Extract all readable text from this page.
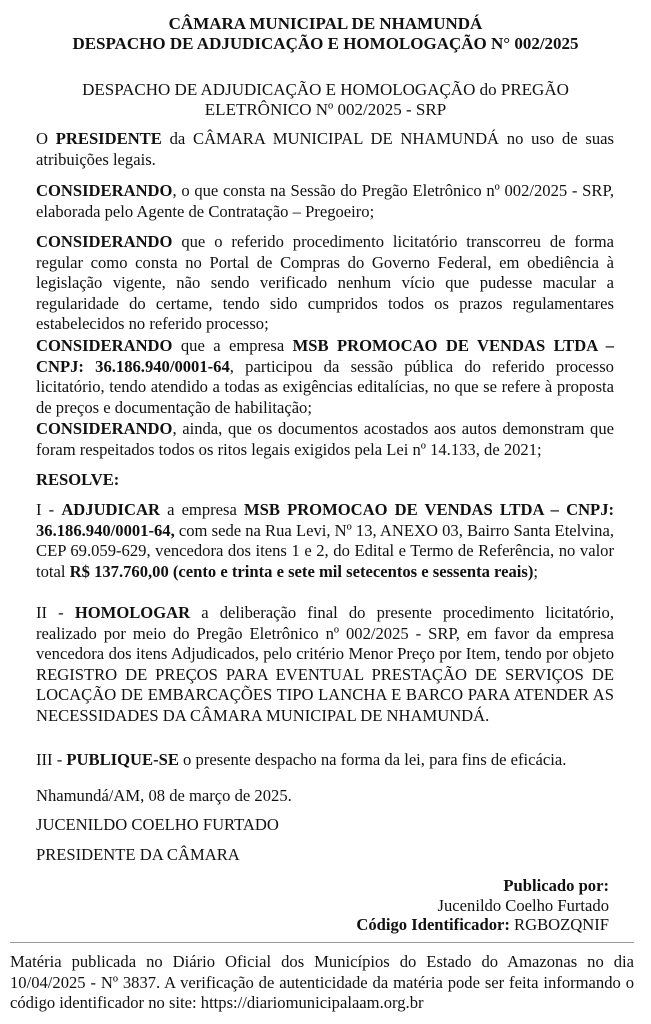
CÂMARA MUNICIPAL DE NHAMUNDÁ
DESPACHO DE ADJUDICAÇÃO E HOMOLOGAÇÃO N° 002/2025
DESPACHO DE ADJUDICAÇÃO E HOMOLOGAÇÃO do PREGÃO
ELETRÔNICO Nº 002/2025 - SRP
O PRESIDENTE da CÂMARA MUNICIPAL DE NHAMUNDÁ no uso de suas atribuições legais.
CONSIDERANDO, o que consta na Sessão do Pregão Eletrônico nº 002/2025 - SRP, elaborada pelo Agente de Contratação – Pregoeiro;
CONSIDERANDO que o referido procedimento licitatório transcorreu de forma regular como consta no Portal de Compras do Governo Federal, em obediência à legislação vigente, não sendo verificado nenhum vício que pudesse macular a regularidade do certame, tendo sido cumpridos todos os prazos regulamentares estabelecidos no referido processo;
CONSIDERANDO que a empresa MSB PROMOCAO DE VENDAS LTDA – CNPJ: 36.186.940/0001-64, participou da sessão pública do referido processo licitatório, tendo atendido a todas as exigências editalícias, no que se refere à proposta de preços e documentação de habilitação;
CONSIDERANDO, ainda, que os documentos acostados aos autos demonstram que foram respeitados todos os ritos legais exigidos pela Lei nº 14.133, de 2021;
RESOLVE:
I - ADJUDICAR a empresa MSB PROMOCAO DE VENDAS LTDA – CNPJ: 36.186.940/0001-64, com sede na Rua Levi, Nº 13, ANEXO 03, Bairro Santa Etelvina, CEP 69.059-629, vencedora dos itens 1 e 2, do Edital e Termo de Referência, no valor total R$ 137.760,00 (cento e trinta e sete mil setecentos e sessenta reais);
II - HOMOLOGAR a deliberação final do presente procedimento licitatório, realizado por meio do Pregão Eletrônico nº 002/2025 - SRP, em favor da empresa vencedora dos itens Adjudicados, pelo critério Menor Preço por Item, tendo por objeto REGISTRO DE PREÇOS PARA EVENTUAL PRESTAÇÃO DE SERVIÇOS DE LOCAÇÃO DE EMBARCAÇÕES TIPO LANCHA E BARCO PARA ATENDER AS NECESSIDADES DA CÂMARA MUNICIPAL DE NHAMUNDÁ.
III - PUBLIQUE-SE o presente despacho na forma da lei, para fins de eficácia.
Nhamundá/AM, 08 de março de 2025.
JUCENILDO COELHO FURTADO
PRESIDENTE DA CÂMARA
Publicado por:
Jucenildo Coelho Furtado
Código Identificador: RGBOZQNIF
Matéria publicada no Diário Oficial dos Municípios do Estado do Amazonas no dia 10/04/2025 - Nº 3837. A verificação de autenticidade da matéria pode ser feita informando o código identificador no site: https://diariomunicipalaam.org.br
